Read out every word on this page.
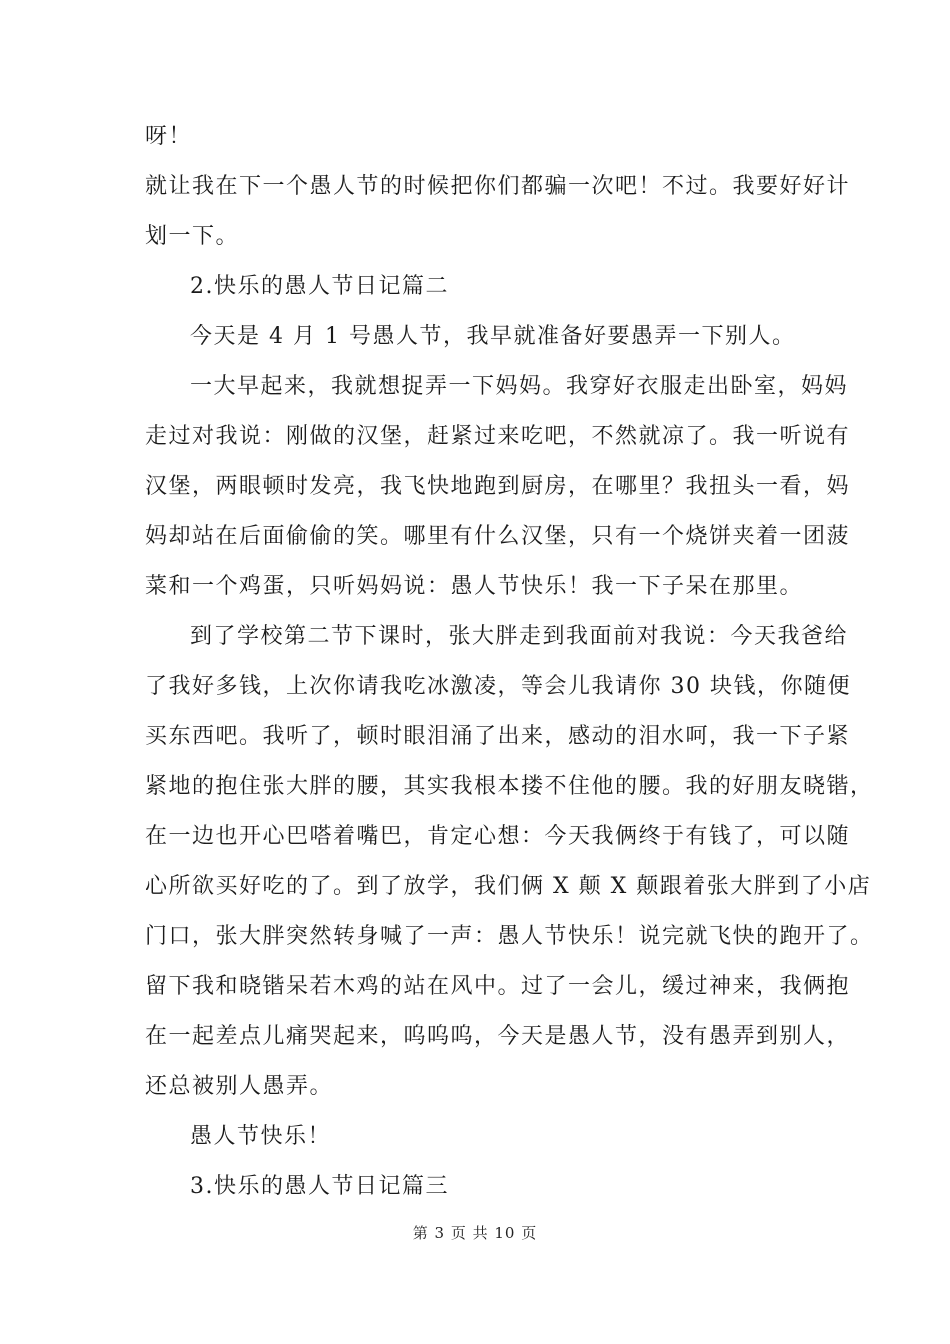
呀！
就让我在下一个愚人节的时候把你们都骗一次吧！不过。我要好好计
划一下。
2.快乐的愚人节日记篇二
今天是 4 月 1 号愚人节，我早就准备好要愚弄一下别人。
一大早起来，我就想捉弄一下妈妈。我穿好衣服走出卧室，妈妈
走过对我说：刚做的汉堡，赶紧过来吃吧，不然就凉了。我一听说有
汉堡，两眼顿时发亮，我飞快地跑到厨房，在哪里？我扭头一看，妈
妈却站在后面偷偷的笑。哪里有什么汉堡，只有一个烧饼夹着一团菠
菜和一个鸡蛋，只听妈妈说：愚人节快乐！我一下子呆在那里。
到了学校第二节下课时，张大胖走到我面前对我说：今天我爸给
了我好多钱，上次你请我吃冰激凌，等会儿我请你 30 块钱，你随便
买东西吧。我听了，顿时眼泪涌了出来，感动的泪水呵，我一下子紧
紧地的抱住张大胖的腰，其实我根本搂不住他的腰。我的好朋友晓锴，
在一边也开心巴嗒着嘴巴，肯定心想：今天我俩终于有钱了，可以随
心所欲买好吃的了。到了放学，我们俩 X 颠 X 颠跟着张大胖到了小店
门口，张大胖突然转身喊了一声：愚人节快乐！说完就飞快的跑开了。
留下我和晓锴呆若木鸡的站在风中。过了一会儿，缓过神来，我俩抱
在一起差点儿痛哭起来，呜呜呜，今天是愚人节，没有愚弄到别人，
还总被别人愚弄。
愚人节快乐！
3.快乐的愚人节日记篇三
第 3 页 共 10 页
